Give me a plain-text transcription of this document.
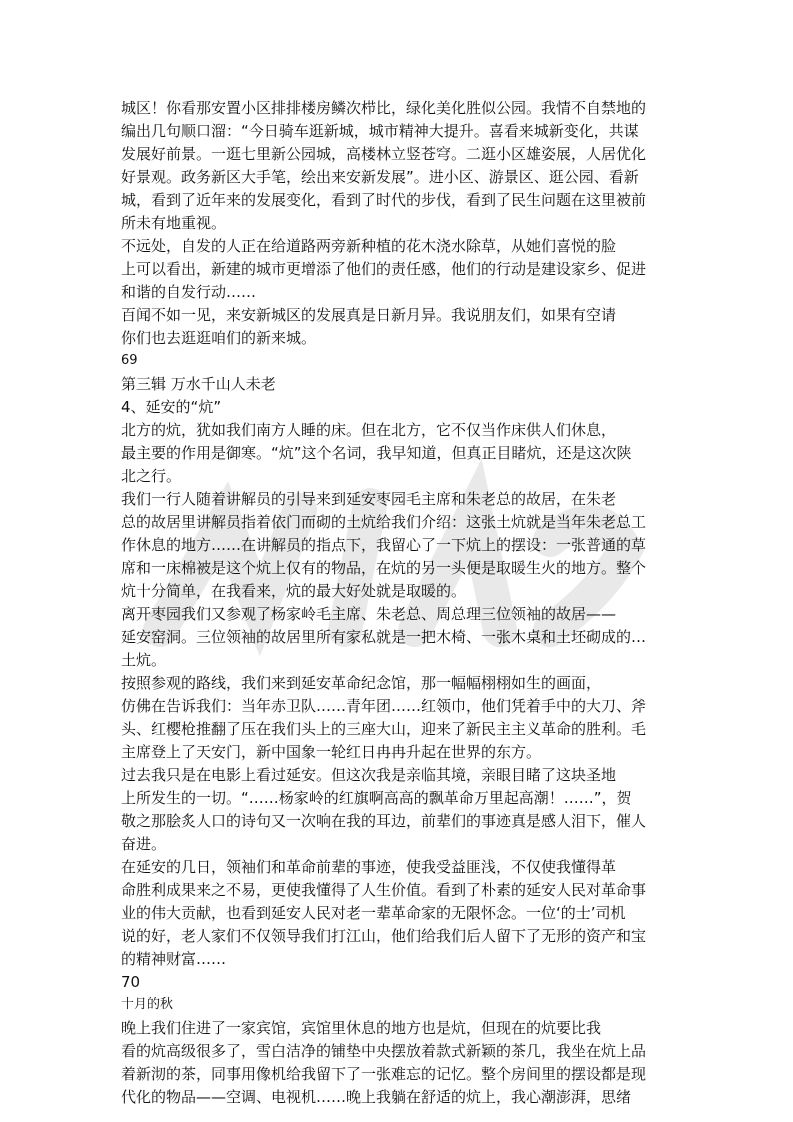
城区！你看那安置小区排排楼房鳞次栉比，绿化美化胜似公园。我情不自禁地的
编出几句顺口溜：“今日骑车逛新城，城市精神大提升。喜看来城新变化，共谋
发展好前景。一逛七里新公园城，高楼林立竖苍穹。二逛小区雄姿展，人居优化
好景观。政务新区大手笔，绘出来安新发展”。进小区、游景区、逛公园、看新
城，看到了近年来的发展变化，看到了时代的步伐，看到了民生问题在这里被前
所未有地重视。
不远处，自发的人正在给道路两旁新种植的花木浇水除草，从她们喜悦的脸
上可以看出，新建的城市更增添了他们的责任感，他们的行动是建设家乡、促进
和谐的自发行动……
百闻不如一见，来安新城区的发展真是日新月异。我说朋友们，如果有空请
你们也去逛逛咱们的新来城。
69
第三辑 万水千山人未老
4、延安的“炕”
北方的炕，犹如我们南方人睡的床。但在北方，它不仅当作床供人们休息，
最主要的作用是御寒。“炕”这个名词，我早知道，但真正目睹炕，还是这次陕
北之行。
我们一行人随着讲解员的引导来到延安枣园毛主席和朱老总的故居，在朱老
总的故居里讲解员指着依门而砌的土炕给我们介绍：这张土炕就是当年朱老总工
作休息的地方……在讲解员的指点下，我留心了一下炕上的摆设：一张普通的草
席和一床棉被是这个炕上仅有的物品，在炕的另一头便是取暖生火的地方。整个
炕十分简单，在我看来，炕的最大好处就是取暖的。
离开枣园我们又参观了杨家岭毛主席、朱老总、周总理三位领袖的故居——
延安窑洞。三位领袖的故居里所有家私就是一把木椅、一张木桌和土坯砌成的…
土炕。
按照参观的路线，我们来到延安革命纪念馆，那一幅幅栩栩如生的画面，
仿佛在告诉我们：当年赤卫队……青年团……红领巾，他们凭着手中的大刀、斧
头、红樱枪推翻了压在我们头上的三座大山，迎来了新民主主义革命的胜利。毛
主席登上了天安门，新中国象一轮红日冉冉升起在世界的东方。
过去我只是在电影上看过延安。但这次我是亲临其境，亲眼目睹了这块圣地
上所发生的一切。“……杨家岭的红旗啊高高的飘革命万里起高潮！……”，贺
敬之那脍炙人口的诗句又一次响在我的耳边，前辈们的事迹真是感人泪下，催人
奋进。
在延安的几日，领袖们和革命前辈的事迹，使我受益匪浅，不仅使我懂得革
命胜利成果来之不易，更使我懂得了人生价值。看到了朴素的延安人民对革命事
业的伟大贡献，也看到延安人民对老一辈革命家的无限怀念。一位‘的士’司机
说的好，老人家们不仅领导我们打江山，他们给我们后人留下了无形的资产和宝
的精神财富……
70
十月的秋
晚上我们住进了一家宾馆，宾馆里休息的地方也是炕，但现在的炕要比我
看的炕高级很多了，雪白洁净的铺垫中央摆放着款式新颖的茶几，我坐在炕上品
着新沏的茶，同事用像机给我留下了一张难忘的记忆。整个房间里的摆设都是现
代化的物品——空调、电视机……晚上我躺在舒适的炕上，我心潮澎湃，思绪
